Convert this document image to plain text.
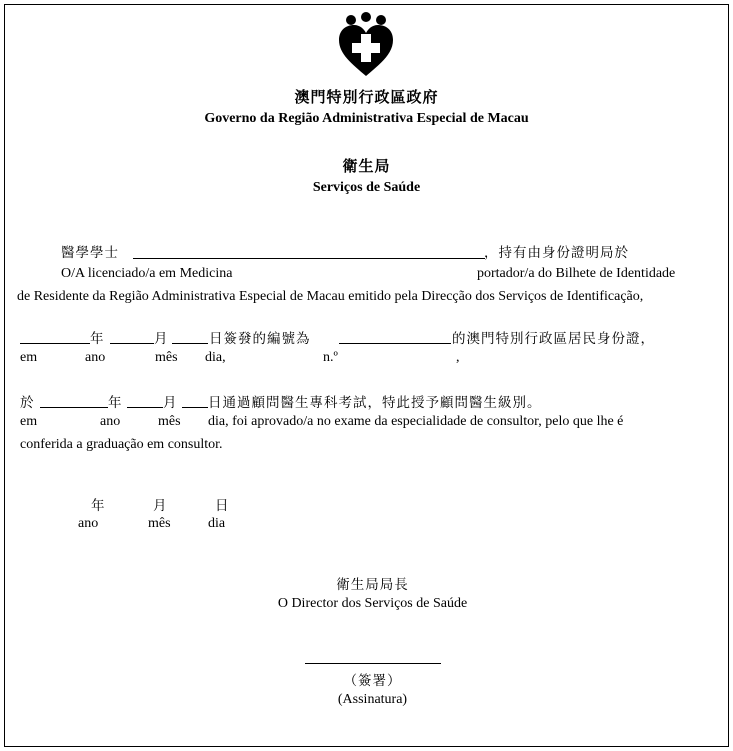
澳門特別行政區政府
Governo da Região Administrativa Especial de Macau
衛生局
Serviços de Saúde
醫學學士	，持有由身份證明局於
O/A licenciado/a em Medicina	portador/a do Bilhete de Identidade
de Residente da Região Administrativa Especial de Macau emitido pela Direcção dos Serviços de Identificação,
年	月	日簽發的編號為	的澳門特別行政區居民身份證，
em	ano	mês dia,	n.º	,
於	年	月 日通過顧問醫生專科考試，特此授予顧問醫生級別。
em	ano	mês dia, foi aprovado/a no exame da especialidade de consultor, pelo que lhe é
conferida a graduação em consultor.
年	月	日
ano	mês	dia
衛生局局長
O Director dos Serviços de Saúde
（簽署）
(Assinatura)
